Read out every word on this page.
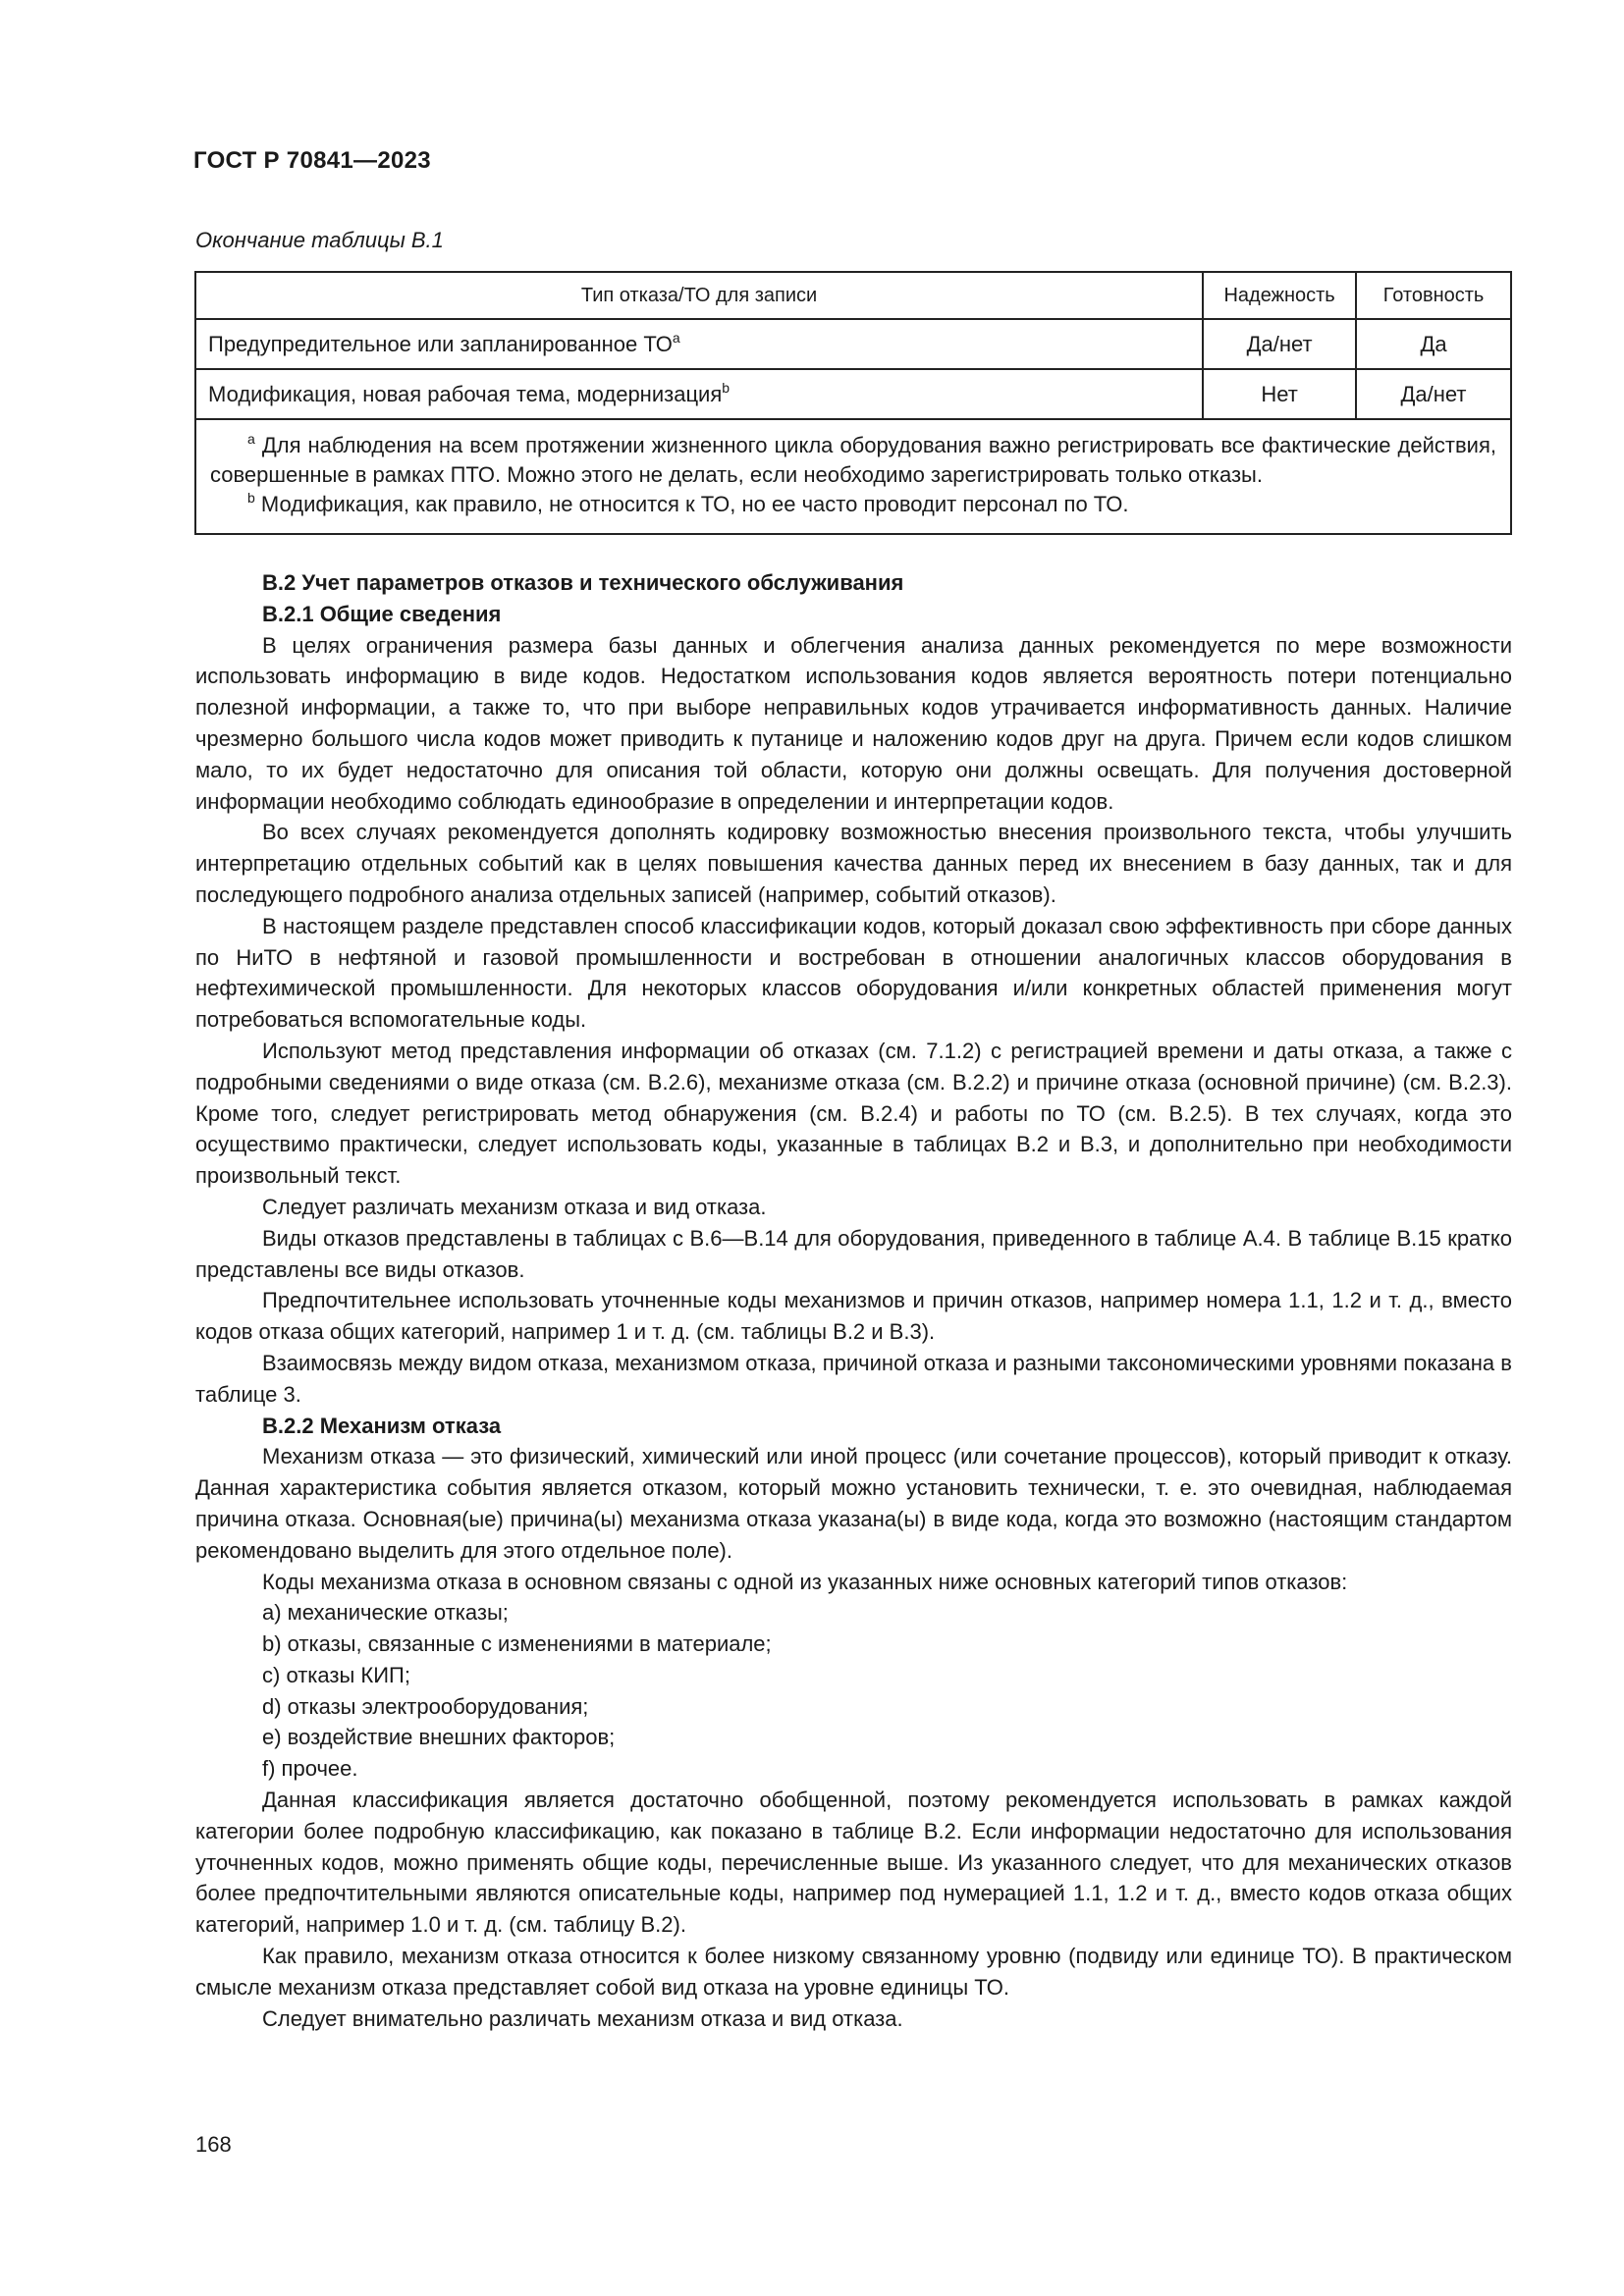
ГОСТ Р 70841—2023
Окончание таблицы В.1
Тип отказа/ТО для записи	Надежность	Готовность
Предупредительное или запланированное $ТО^a$	Да/нет	Да
Модификация, новая рабочая тема, модернизация$^b$	Нет	Да/нет

$^a$ Для наблюдения на всем протяжении жизненного цикла оборудования важно регистрировать все фактические действия, совершенные в рамках ПТО. Можно этого не делать, если необходимо зарегистрировать только отказы.

$^b$ Модификация, как правило, не относится к ТО, но ее часто проводит персонал по ТО.		

В.2 Учет параметров отказов и технического обслуживания

В.2.1 Общие сведения

В целях ограничения размера базы данных и облегчения анализа данных рекомендуется по мере возможности использовать информацию в виде кодов. Недостатком использования кодов является вероятность потери потенциально полезной информации, а также то, что при выборе неправильных кодов утрачивается информативность данных. Наличие чрезмерно большого числа кодов может приводить к путанице и наложению кодов друг на друга. Причем если кодов слишком мало, то их будет недостаточно для описания той области, которую они должны освещать. Для получения достоверной информации необходимо соблюдать единообразие в определении и интерпретации кодов.

Во всех случаях рекомендуется дополнять кодировку возможностью внесения произвольного текста, чтобы улучшить интерпретацию отдельных событий как в целях повышения качества данных перед их внесением в базу данных, так и для последующего подробного анализа отдельных записей (например, событий отказов).

В настоящем разделе представлен способ классификации кодов, который доказал свою эффективность при сборе данных по НиТО в нефтяной и газовой промышленности и востребован в отношении аналогичных классов оборудования в нефтехимической промышленности. Для некоторых классов оборудования и/или конкретных областей применения могут потребоваться вспомогательные коды.

Используют метод представления информации об отказах (см. 7.1.2) с регистрацией времени и даты отказа, а также с подробными сведениями о виде отказа (см. В.2.6), механизме отказа (см. В.2.2) и причине отказа (основной причине) (см. В.2.3). Кроме того, следует регистрировать метод обнаружения (см. В.2.4) и работы по ТО (см. В.2.5). В тех случаях, когда это осуществимо практически, следует использовать коды, указанные в таблицах В.2 и В.3, и дополнительно при необходимости произвольный текст.

Следует различать механизм отказа и вид отказа.

Виды отказов представлены в таблицах с В.6—В.14 для оборудования, приведенного в таблице А.4. В таблице В.15 кратко представлены все виды отказов.

Предпочтительнее использовать уточненные коды механизмов и причин отказов, например номера 1.1, 1.2 и т. д., вместо кодов отказа общих категорий, например 1 и т. д. (см. таблицы В.2 и В.3).

Взаимосвязь между видом отказа, механизмом отказа, причиной отказа и разными таксономическими уровнями показана в таблице 3.

В.2.2 Механизм отказа

Механизм отказа — это физический, химический или иной процесс (или сочетание процессов), который приводит к отказу. Данная характеристика события является отказом, который можно установить технически, т. е. это очевидная, наблюдаемая причина отказа. Основная(ые) причина(ы) механизма отказа указана(ы) в виде кода, когда это возможно (настоящим стандартом рекомендовано выделить для этого отдельное поле).

Коды механизма отказа в основном связаны с одной из указанных ниже основных категорий типов отказов:

a) механические отказы;

b) отказы, связанные с изменениями в материале;

c) отказы КИП;

d) отказы электрооборудования;

e) воздействие внешних факторов;

f) прочее.

Данная классификация является достаточно обобщенной, поэтому рекомендуется использовать в рамках каждой категории более подробную классификацию, как показано в таблице В.2. Если информации недостаточно для использования уточненных кодов, можно применять общие коды, перечисленные выше. Из указанного следует, что для механических отказов более предпочтительными являются описательные коды, например под нумерацией 1.1, 1.2 и т. д., вместо кодов отказа общих категорий, например 1.0 и т. д. (см. таблицу В.2).

Как правило, механизм отказа относится к более низкому связанному уровню (подвиду или единице ТО). В практическом смысле механизм отказа представляет собой вид отказа на уровне единицы ТО.

Следует внимательно различать механизм отказа и вид отказа.

168
